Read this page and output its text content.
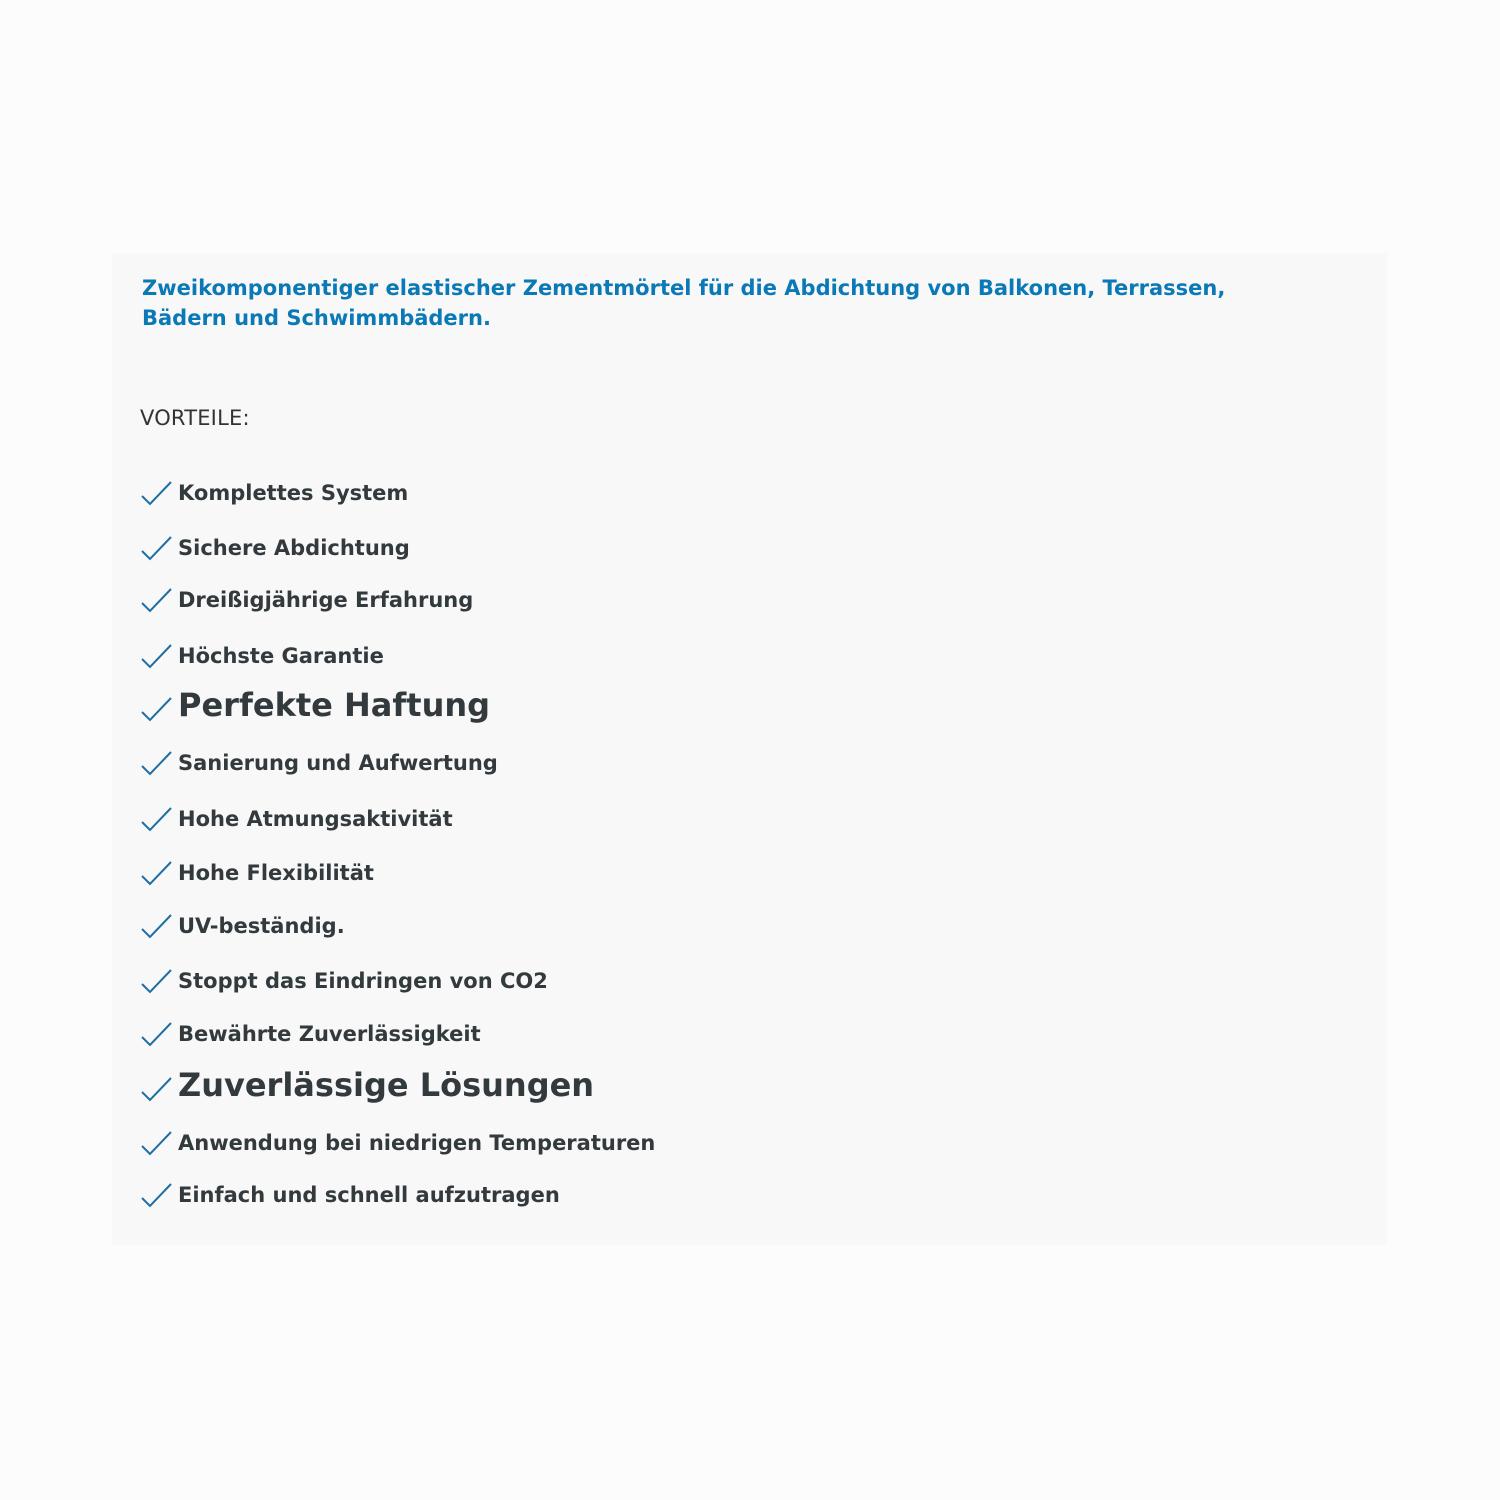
Zweikomponentiger elastischer Zementmörtel für die Abdichtung von Balkonen, Terrassen, Bädern und Schwimmbädern.

VORTEILE:

Komplettes System
Sichere Abdichtung
Dreißigjährige Erfahrung
Höchste Garantie
Perfekte Haftung
Sanierung und Aufwertung
Hohe Atmungsaktivität
Hohe Flexibilität
UV-beständig.
Stoppt das Eindringen von CO2
Bewährte Zuverlässigkeit
Zuverlässige Lösungen
Anwendung bei niedrigen Temperaturen
Einfach und schnell aufzutragen
